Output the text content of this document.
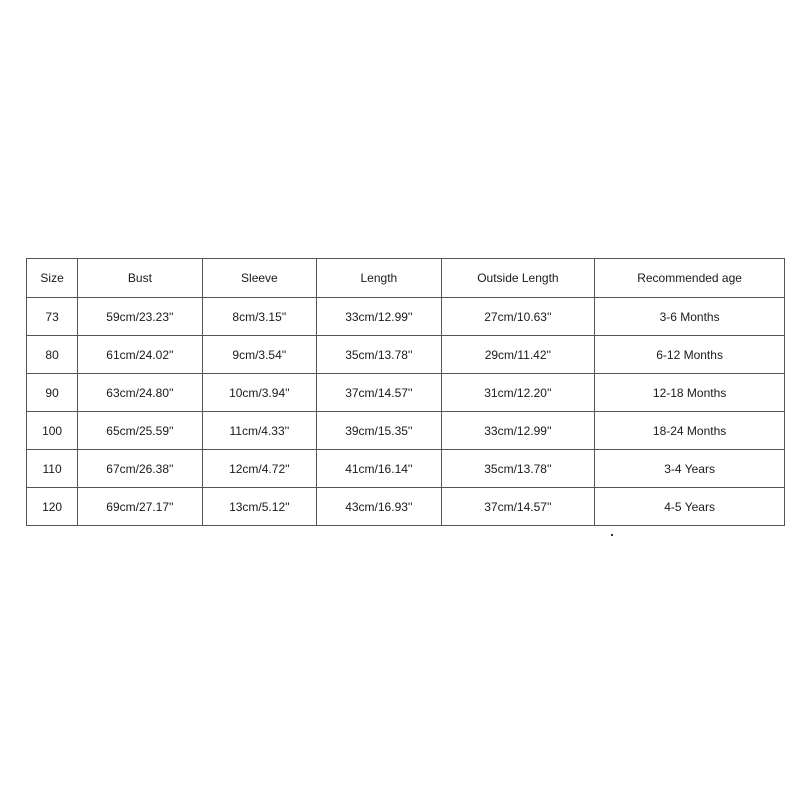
Size	Bust	Sleeve	Length	Outside Length	Recommended age
73	59cm/23.23''	8cm/3.15''	33cm/12.99''	27cm/10.63''	3-6 Months
80	61cm/24.02''	9cm/3.54''	35cm/13.78''	29cm/11.42''	6-12 Months
90	63cm/24.80''	10cm/3.94''	37cm/14.57''	31cm/12.20''	12-18 Months
100	65cm/25.59''	11cm/4.33''	39cm/15.35''	33cm/12.99''	18-24 Months
110	67cm/26.38''	12cm/4.72''	41cm/16.14''	35cm/13.78''	3-4 Years
120	69cm/27.17''	13cm/5.12''	43cm/16.93''	37cm/14.57''	4-5 Years
